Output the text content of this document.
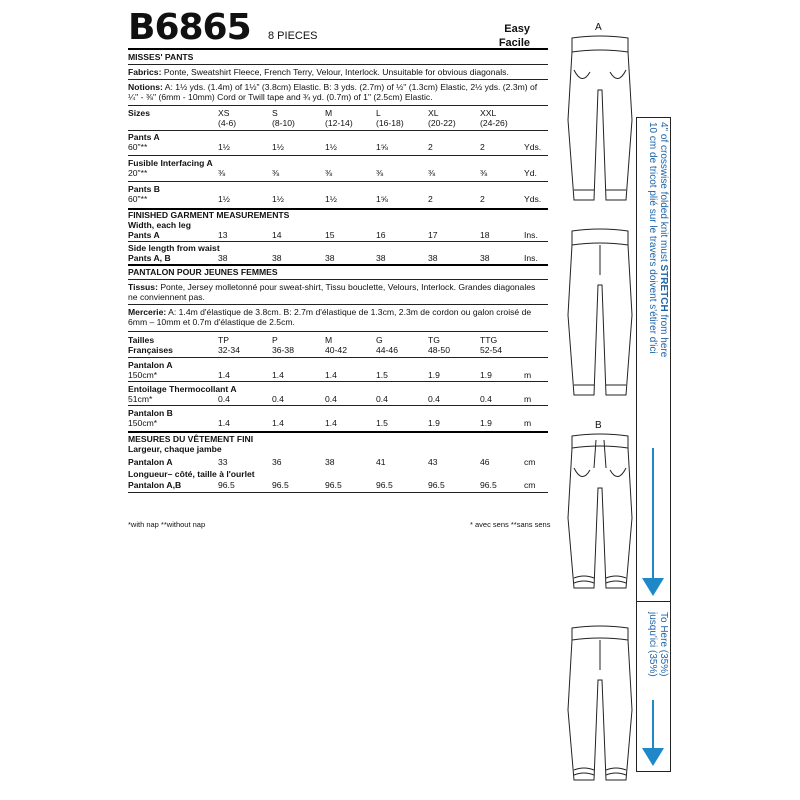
B6865 8 PIECES
Easy
Facile
MISSES' PANTS
Fabrics: Ponte, Sweatshirt Fleece, French Terry, Velour, Interlock. Unsuitable for obvious diagonals.
Notions: A: 1½ yds. (1.4m) of 1½" (3.8cm) Elastic. B: 3 yds. (2.7m) of ½" (1.3cm) Elastic, 2½ yds. (2.3m) of ¼" - ⅜" (6mm - 10mm) Cord or Twill tape and ¾ yd. (0.7m) of 1" (2.5cm) Elastic.
Sizes	XS	S	M	L	XL	XXL
(4-6)	(8-10)	(12-14)	(16-18)	(20-22)	(24-26)
Pants A
60"**	1½	1½	1½	1⅝	2	2	Yds.
Fusible Interfacing A
20"**	⅜	⅜	⅜	⅜	⅜	⅜	Yd.
Pants B
60"**	1½	1½	1½	1⅝	2	2	Yds.
FINISHED GARMENT MEASUREMENTS
Width, each leg
Pants A	13	14	15	16	17	18	Ins.
Side length from waist
Pants A, B	38	38	38	38	38	38	Ins.
PANTALON POUR JEUNES FEMMES
Tissus: Ponte, Jersey molletonné pour sweat-shirt, Tissu bouclette, Velours, Interlock. Grandes diagonales ne conviennent pas.
Mercerie: A: 1.4m d'élastique de 3.8cm. B: 2.7m d'élastique de 1.3cm, 2.3m de cordon ou galon croisé de 6mm – 10mm et 0.7m d'élastique de 2.5cm.
Tailles
Françaises
TP	P	M	G	TG	TTG
32-34	36-38	40-42	44-46	48-50	52-54
Pantalon A
150cm*	1.4	1.4	1.4	1.5	1.9	1.9	m
Entoilage Thermocollant A
51cm*	0.4	0.4	0.4	0.4	0.4	0.4	m
Pantalon B
150cm*	1.4	1.4	1.4	1.5	1.9	1.9	m
MESURES DU VÊTEMENT FINI
Largeur, chaque jambe
Pantalon A	33	36	38	41	43	46	cm
Longueur– côté, taille à l'ourlet
Pantalon A,B	96.5	96.5	96.5	96.5	96.5	96.5	cm
*with nap **without nap	* avec sens **sans sens
A
B
4" of crosswise folded knit must STRETCH from here
10 cm de tricot plié sur le travers doivent s'étirer d'ici
To Here (35%)
jusqu'ici (35%)
